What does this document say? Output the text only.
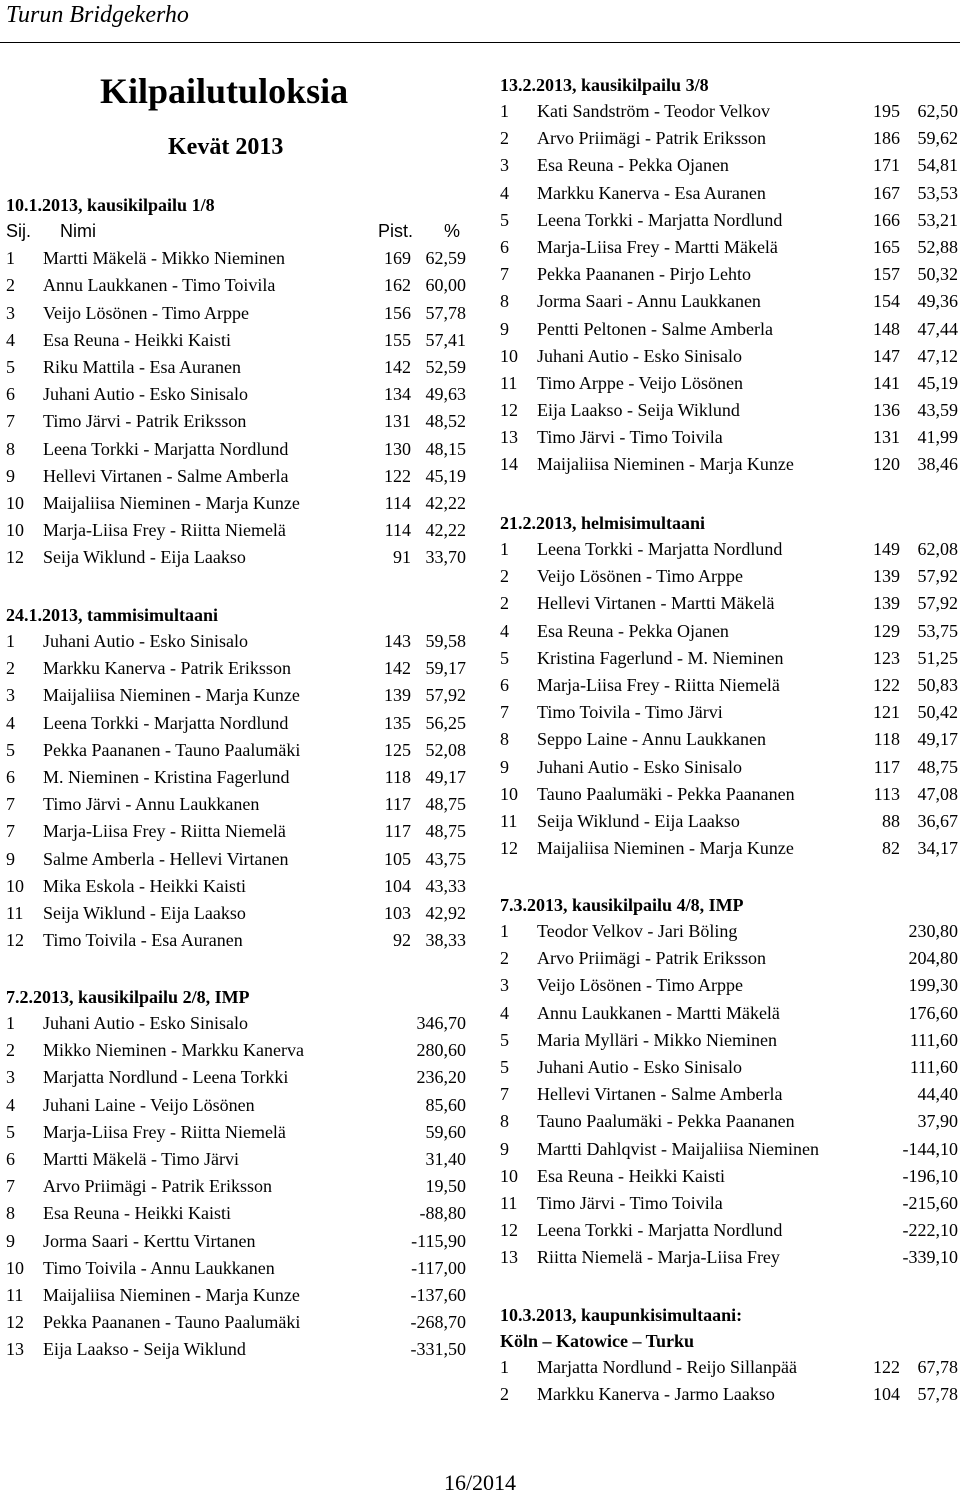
Turun Bridgekerho
Kilpailutuloksia
Kevät 2013
10.1.2013, kausikilpailu 1/8
Sij. Nimi	Pist. %
1 Martti Mäkelä - Mikko Nieminen	169 62,59
2 Annu Laukkanen - Timo Toivila	162 60,00
3 Veijo Lösönen - Timo Arppe	156 57,78
4 Esa Reuna - Heikki Kaisti	155 57,41
5 Riku Mattila - Esa Auranen	142 52,59
6 Juhani Autio - Esko Sinisalo	134 49,63
7 Timo Järvi - Patrik Eriksson	131 48,52
8 Leena Torkki - Marjatta Nordlund	130 48,15
9 Hellevi Virtanen - Salme Amberla	122 45,19
10 Maijaliisa Nieminen - Marja Kunze	114 42,22
10 Marja-Liisa Frey - Riitta Niemelä	114 42,22
12 Seija Wiklund - Eija Laakso	91 33,70
24.1.2013, tammisimultaani
1 Juhani Autio - Esko Sinisalo	143 59,58
2 Markku Kanerva - Patrik Eriksson	142 59,17
3 Maijaliisa Nieminen - Marja Kunze	139 57,92
4 Leena Torkki - Marjatta Nordlund	135 56,25
5 Pekka Paananen - Tauno Paalumäki	125 52,08
6 M. Nieminen - Kristina Fagerlund	118 49,17
7 Timo Järvi - Annu Laukkanen	117 48,75
7 Marja-Liisa Frey - Riitta Niemelä	117 48,75
9 Salme Amberla - Hellevi Virtanen	105 43,75
10 Mika Eskola - Heikki Kaisti	104 43,33
11 Seija Wiklund - Eija Laakso	103 42,92
12 Timo Toivila - Esa Auranen	92 38,33
7.2.2013, kausikilpailu 2/8, IMP
1 Juhani Autio - Esko Sinisalo	346,70
2 Mikko Nieminen - Markku Kanerva	280,60
3 Marjatta Nordlund - Leena Torkki	236,20
4 Juhani Laine - Veijo Lösönen	85,60
5 Marja-Liisa Frey - Riitta Niemelä	59,60
6 Martti Mäkelä - Timo Järvi	31,40
7 Arvo Priimägi - Patrik Eriksson	19,50
8 Esa Reuna - Heikki Kaisti	-88,80
9 Jorma Saari - Kerttu Virtanen	-115,90
10 Timo Toivila - Annu Laukkanen	-117,00
11 Maijaliisa Nieminen - Marja Kunze	-137,60
12 Pekka Paananen - Tauno Paalumäki	-268,70
13 Eija Laakso - Seija Wiklund	-331,50
13.2.2013, kausikilpailu 3/8
1 Kati Sandström - Teodor Velkov	195 62,50
2 Arvo Priimägi - Patrik Eriksson	186 59,62
3 Esa Reuna - Pekka Ojanen	171 54,81
4 Markku Kanerva - Esa Auranen	167 53,53
5 Leena Torkki - Marjatta Nordlund	166 53,21
6 Marja-Liisa Frey - Martti Mäkelä	165 52,88
7 Pekka Paananen - Pirjo Lehto	157 50,32
8 Jorma Saari - Annu Laukkanen	154 49,36
9 Pentti Peltonen - Salme Amberla	148 47,44
10 Juhani Autio - Esko Sinisalo	147 47,12
11 Timo Arppe - Veijo Lösönen	141 45,19
12 Eija Laakso - Seija Wiklund	136 43,59
13 Timo Järvi - Timo Toivila	131 41,99
14 Maijaliisa Nieminen - Marja Kunze	120 38,46
21.2.2013, helmisimultaani
1 Leena Torkki - Marjatta Nordlund	149 62,08
2 Veijo Lösönen - Timo Arppe	139 57,92
2 Hellevi Virtanen - Martti Mäkelä	139 57,92
4 Esa Reuna - Pekka Ojanen	129 53,75
5 Kristina Fagerlund - M. Nieminen	123 51,25
6 Marja-Liisa Frey - Riitta Niemelä	122 50,83
7 Timo Toivila - Timo Järvi	121 50,42
8 Seppo Laine - Annu Laukkanen	118 49,17
9 Juhani Autio - Esko Sinisalo	117 48,75
10 Tauno Paalumäki - Pekka Paananen	113 47,08
11 Seija Wiklund - Eija Laakso	88 36,67
12 Maijaliisa Nieminen - Marja Kunze	82 34,17
7.3.2013, kausikilpailu 4/8, IMP
1 Teodor Velkov - Jari Böling	230,80
2 Arvo Priimägi - Patrik Eriksson	204,80
3 Veijo Lösönen - Timo Arppe	199,30
4 Annu Laukkanen - Martti Mäkelä	176,60
5 Maria Mylläri - Mikko Nieminen	111,60
5 Juhani Autio - Esko Sinisalo	111,60
7 Hellevi Virtanen - Salme Amberla	44,40
8 Tauno Paalumäki - Pekka Paananen	37,90
9 Martti Dahlqvist - Maijaliisa Nieminen	-144,10
10 Esa Reuna - Heikki Kaisti	-196,10
11 Timo Järvi - Timo Toivila	-215,60
12 Leena Torkki - Marjatta Nordlund	-222,10
13 Riitta Niemelä - Marja-Liisa Frey	-339,10
10.3.2013, kaupunkisimultaani:
Köln – Katowice – Turku
1 Marjatta Nordlund - Reijo Sillanpää	122 67,78
2 Markku Kanerva - Jarmo Laakso	104 57,78
16/2014
